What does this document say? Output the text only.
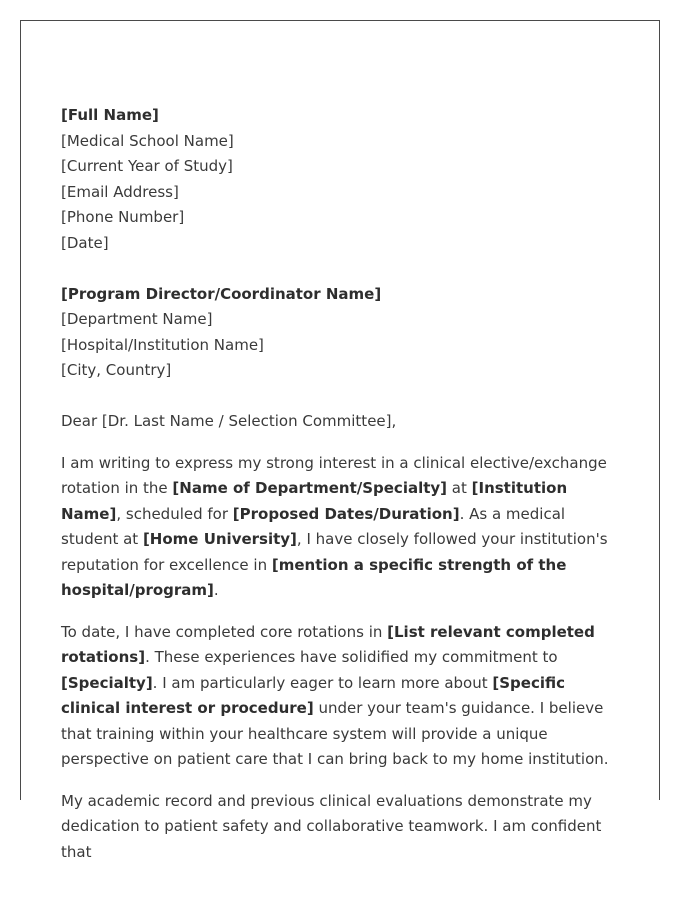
[Full Name]
[Medical School Name]
[Current Year of Study]
[Email Address]
[Phone Number]
[Date]
[Program Director/Coordinator Name]
[Department Name]
[Hospital/Institution Name]
[City, Country]

Dear [Dr. Last Name / Selection Committee],

I am writing to express my strong interest in a clinical elective/exchange rotation in the [Name of Department/Specialty] at [Institution Name], scheduled for [Proposed Dates/Duration]. As a medical student at [Home University], I have closely followed your institution's reputation for excellence in [mention a specific strength of the hospital/program].

To date, I have completed core rotations in [List relevant completed rotations]. These experiences have solidified my commitment to [Specialty]. I am particularly eager to learn more about [Specific clinical interest or procedure] under your team's guidance. I believe that training within your healthcare system will provide a unique perspective on patient care that I can bring back to my home institution.

My academic record and previous clinical evaluations demonstrate my dedication to patient safety and collaborative teamwork. I am confident that
